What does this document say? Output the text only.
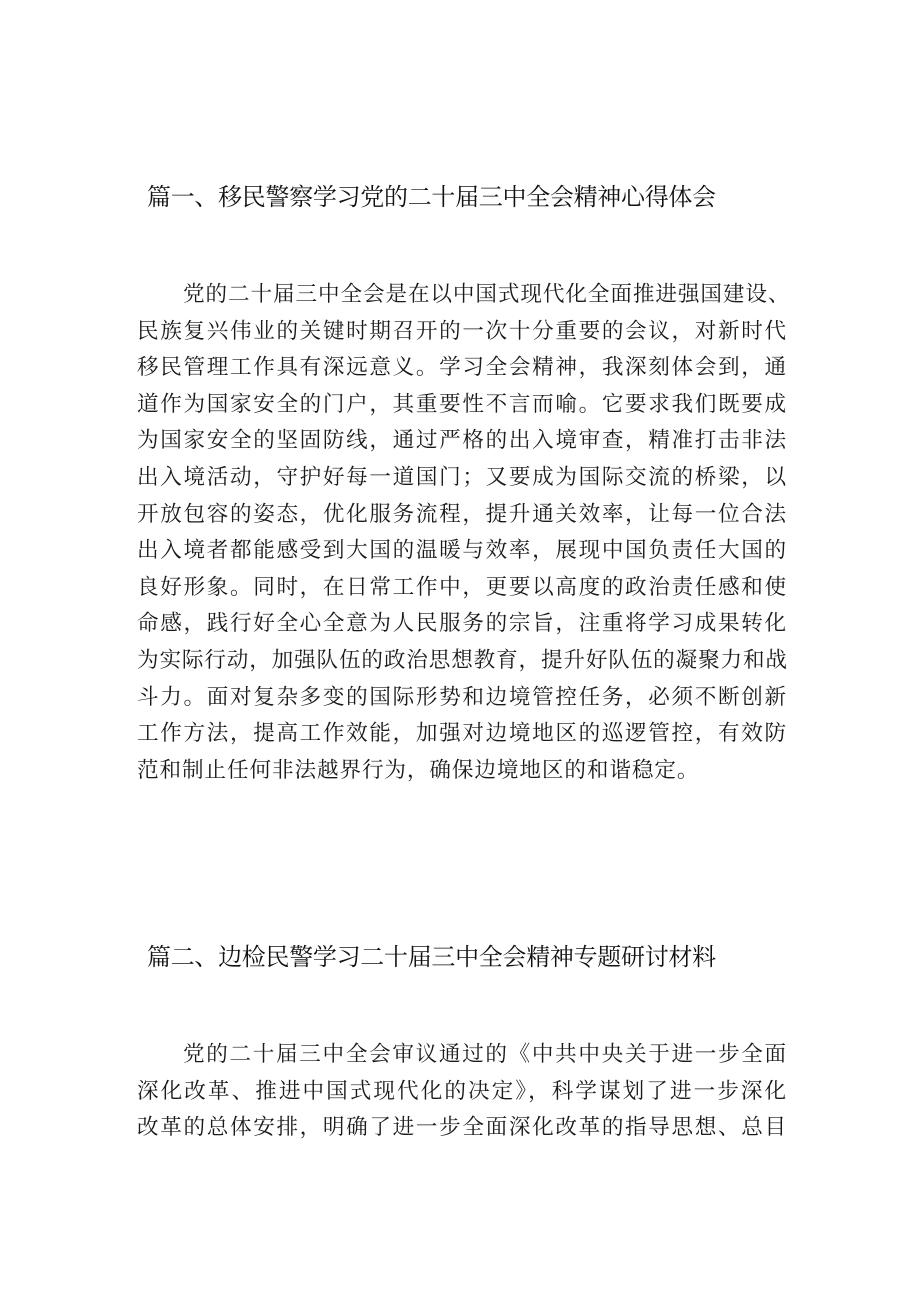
篇一、移民警察学习党的二十届三中全会精神心得体会
党的二十届三中全会是在以中国式现代化全面推进强国建设、
民族复兴伟业的关键时期召开的一次十分重要的会议，对新时代
移民管理工作具有深远意义。学习全会精神，我深刻体会到，通
道作为国家安全的门户，其重要性不言而喻。它要求我们既要成
为国家安全的坚固防线，通过严格的出入境审查，精准打击非法
出入境活动，守护好每一道国门；又要成为国际交流的桥梁，以
开放包容的姿态，优化服务流程，提升通关效率，让每一位合法
出入境者都能感受到大国的温暖与效率，展现中国负责任大国的
良好形象。同时，在日常工作中，更要以高度的政治责任感和使
命感，践行好全心全意为人民服务的宗旨，注重将学习成果转化
为实际行动，加强队伍的政治思想教育，提升好队伍的凝聚力和战
斗力。面对复杂多变的国际形势和边境管控任务，必须不断创新
工作方法，提高工作效能，加强对边境地区的巡逻管控，有效防
范和制止任何非法越界行为，确保边境地区的和谐稳定。
篇二、边检民警学习二十届三中全会精神专题研讨材料
党的二十届三中全会审议通过的《中共中央关于进一步全面
深化改革、推进中国式现代化的决定》，科学谋划了进一步深化
改革的总体安排，明确了进一步全面深化改革的指导思想、总目
